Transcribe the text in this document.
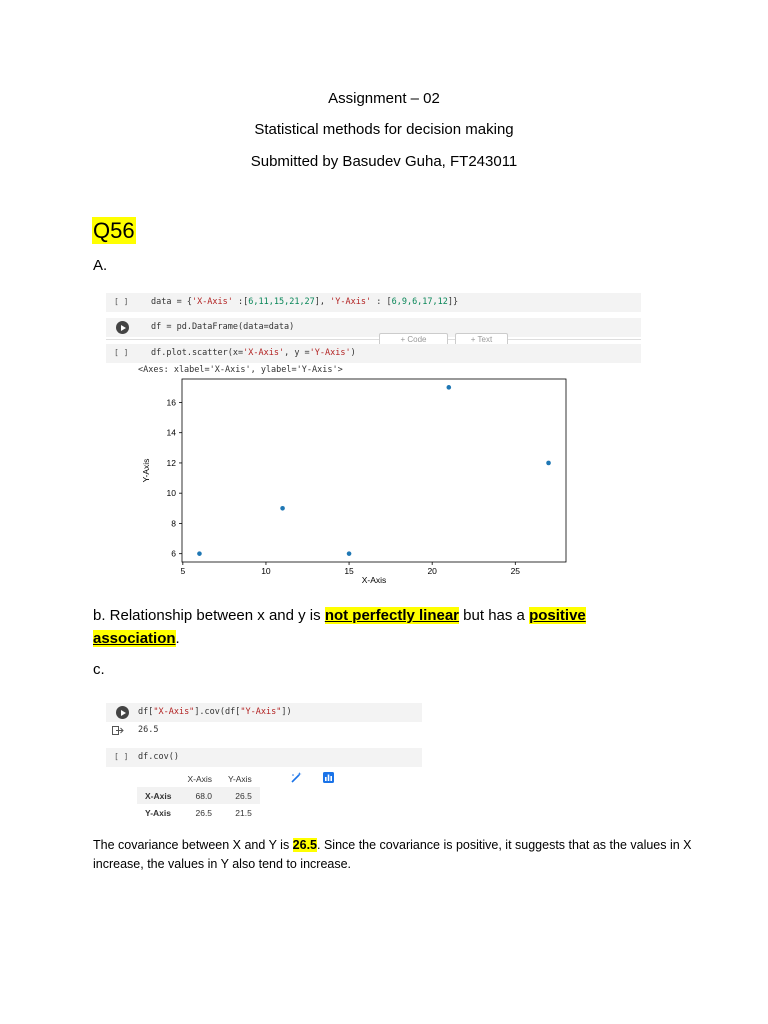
Assignment – 02
Statistical methods for decision making
Submitted by Basudev Guha, FT243011
Q56
A.
[ ]	data = {'X-Axis' :[6,11,15,21,27], 'Y-Axis' : [6,9,6,17,12]}
df = pd.DataFrame(data=data)
+ Code	+ Text
[ ]	df.plot.scatter(x='X-Axis', y ='Y-Axis')
<Axes: xlabel='X-Axis', ylabel='Y-Axis'>
5	10	15	20	25
6
8
10
12
14
16
X-Axis
Y-Axis
b. Relationship between x and y is not perfectly linear but has a positive association.
c.
df["X-Axis"].cov(df["Y-Axis"])
26.5
[ ] df.cov()
	X-Axis	Y-Axis
X-Axis	68.0	26.5
Y-Axis	26.5	21.5
The covariance between X and Y is 26.5. Since the covariance is positive, it suggests that as the values in X increase, the values in Y also tend to increase.
